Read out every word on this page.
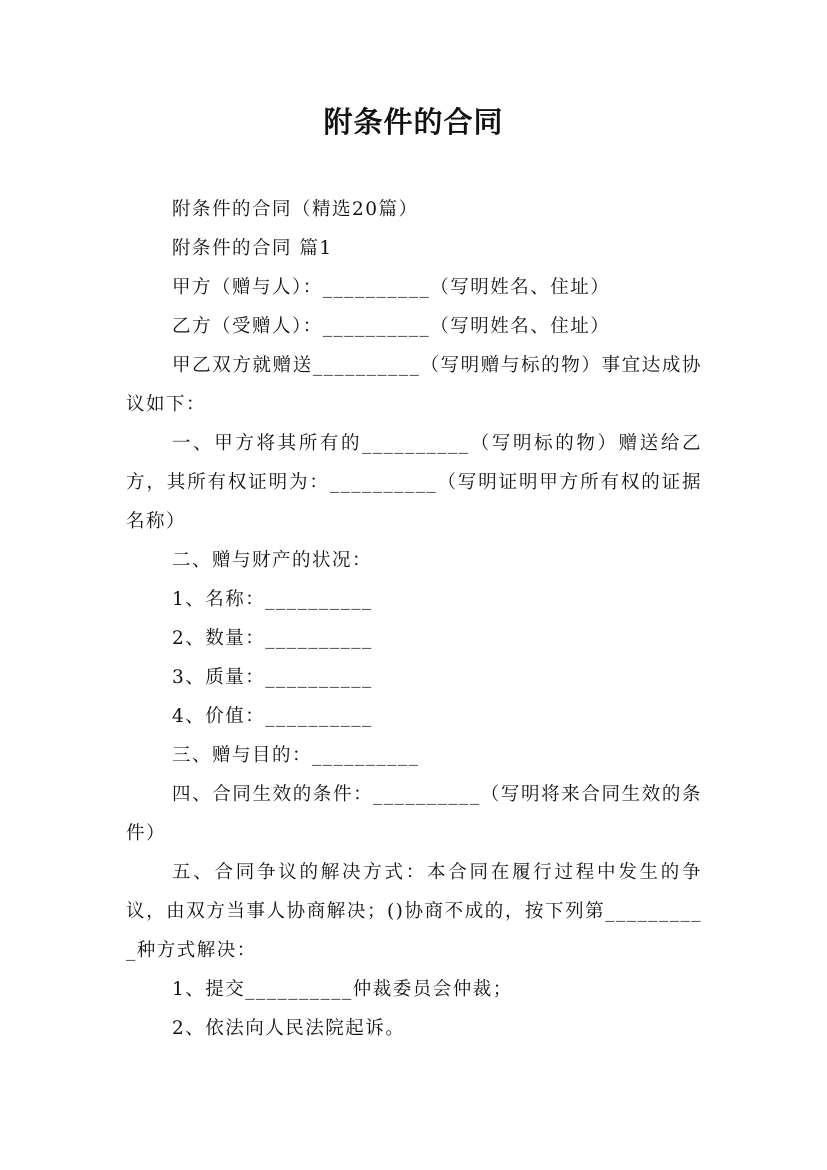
附条件的合同

附条件的合同（精选20篇）

附条件的合同 篇1

甲方（赠与人）：__________（写明姓名、住址）

乙方（受赠人）：__________（写明姓名、住址）

甲乙双方就赠送__________（写明赠与标的物）事宜达成协议如下：

一、甲方将其所有的__________（写明标的物）赠送给乙方，其所有权证明为：__________（写明证明甲方所有权的证据名称）

二、赠与财产的状况：

1、名称：__________

2、数量：__________

3、质量：__________

4、价值：__________

三、赠与目的：__________

四、合同生效的条件：__________（写明将来合同生效的条件）

五、合同争议的解决方式：本合同在履行过程中发生的争议，由双方当事人协商解决；()协商不成的，按下列第__________种方式解决：

1、提交__________仲裁委员会仲裁；

2、依法向人民法院起诉。
